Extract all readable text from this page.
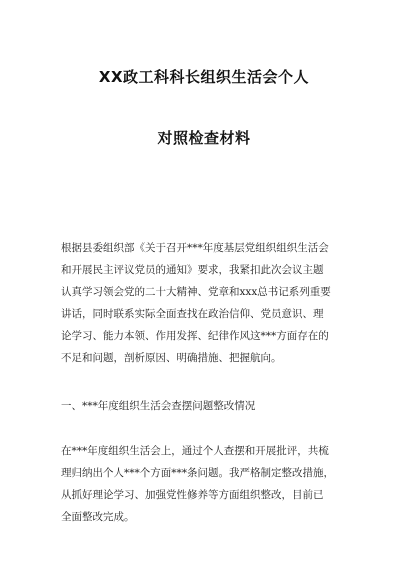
XX政工科科长组织生活会个人
对照检查材料
根据县委组织部《关于召开***年度基层党组织组织生活会
和开展民主评议党员的通知》要求，我紧扣此次会议主题
认真学习领会党的二十大精神、党章和xxx总书记系列重要
讲话，同时联系实际全面查找在政治信仰、党员意识、理
论学习、能力本领、作用发挥、纪律作风这***方面存在的
不足和问题，剖析原因、明确措施、把握航向。
一、***年度组织生活会查摆问题整改情况
在***年度组织生活会上，通过个人查摆和开展批评，共梳
理归纳出个人***个方面***条问题。我严格制定整改措施，
从抓好理论学习、加强党性修养等方面组织整改，目前已
全面整改完成。
